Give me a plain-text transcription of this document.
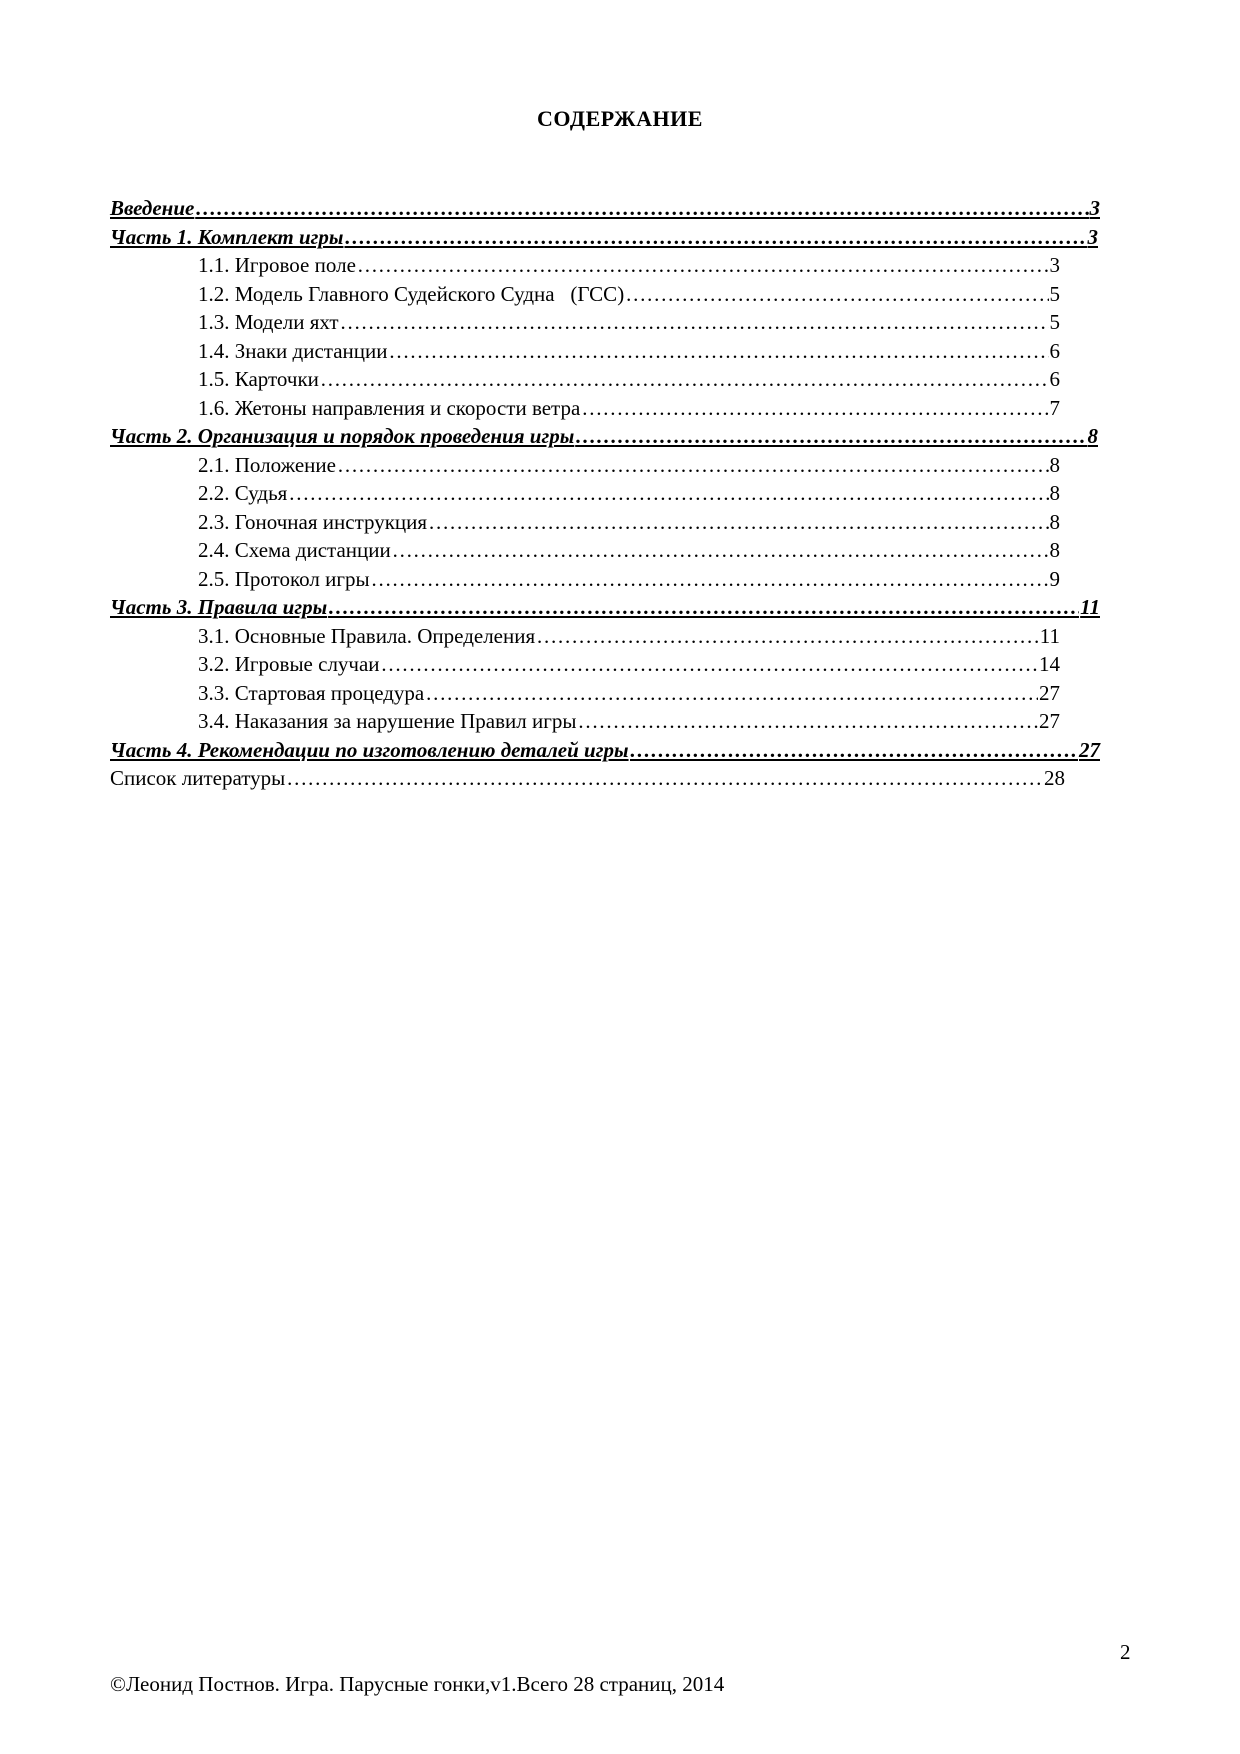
СОДЕРЖАНИЕ
Введение …………………………………………………………………………………………………………………………………………………………………………………………………	3
Часть 1. Комплект игры …………………………………………………………………………………………………………………………………………………………………………………………………	3
1.1. Игровое поле …………………………………………………………………………………………………………………………………………………………………………………………………	3
1.2. Модель Главного Судейского Судна   (ГСС) …………………………………………………………………………………………………………………………………………………………………………………………………	5
1.3. Модели яхт …………………………………………………………………………………………………………………………………………………………………………………………………	5
1.4. Знаки дистанции …………………………………………………………………………………………………………………………………………………………………………………………………	6
1.5. Карточки …………………………………………………………………………………………………………………………………………………………………………………………………	6
1.6. Жетоны направления и скорости ветра …………………………………………………………………………………………………………………………………………………………………………………………………	7
Часть 2. Организация и порядок проведения игры …………………………………………………………………………………………………………………………………………………………………………………………………	8
2.1. Положение …………………………………………………………………………………………………………………………………………………………………………………………………	8
2.2. Судья …………………………………………………………………………………………………………………………………………………………………………………………………	8
2.3. Гоночная инструкция …………………………………………………………………………………………………………………………………………………………………………………………………	8
2.4. Схема дистанции …………………………………………………………………………………………………………………………………………………………………………………………………	8
2.5. Протокол игры …………………………………………………………………………………………………………………………………………………………………………………………………	9
Часть 3. Правила игры …………………………………………………………………………………………………………………………………………………………………………………………………	11
3.1. Основные Правила. Определения …………………………………………………………………………………………………………………………………………………………………………………………………	11
3.2. Игровые случаи …………………………………………………………………………………………………………………………………………………………………………………………………	14
3.3. Стартовая процедура …………………………………………………………………………………………………………………………………………………………………………………………………	27
3.4. Наказания за нарушение Правил игры …………………………………………………………………………………………………………………………………………………………………………………………………	27
Часть 4. Рекомендации по изготовлению деталей игры …………………………………………………………………………………………………………………………………………………………………………………………………	27
Список литературы …………………………………………………………………………………………………………………………………………………………………………………………………	28
2
©Леонид Постнов. Игра. Парусные гонки,v1.Всего 28 страниц, 2014
